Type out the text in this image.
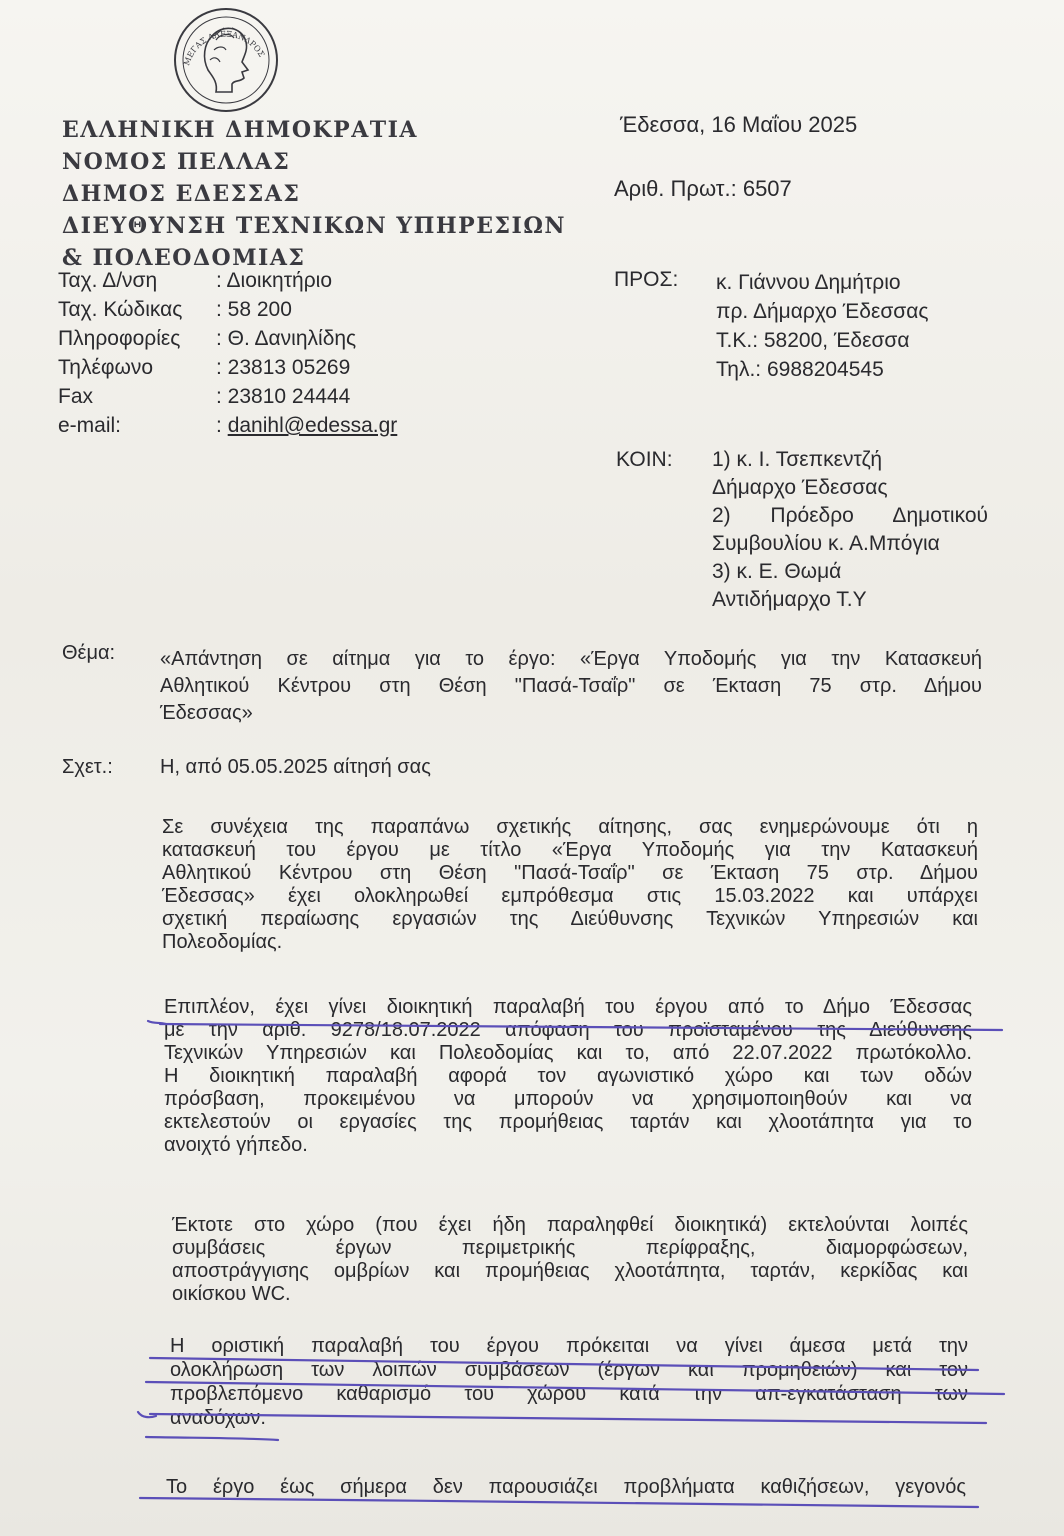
ΜΕΓΑΣ ΑΛΕΞΑΝΔΡΟΣ
ΕΛΛΗΝΙΚΗ ΔΗΜΟΚΡΑΤΙΑ
ΝΟΜΟΣ ΠΕΛΛΑΣ
ΔΗΜΟΣ ΕΔΕΣΣΑΣ
ΔΙΕΥΘΥΝΣΗ ΤΕΧΝΙΚΩΝ ΥΠΗΡΕΣΙΩΝ
& ΠΟΛΕΟΔΟΜΙΑΣ
Έδεσσα, 16 Μαΐου 2025
Αριθ. Πρωτ.: 6507
Ταχ. Δ/νση	: Διοικητήριο
Ταχ. Κώδικας : 58 200
Πληροφορίες : Θ. Δανιηλίδης
Τηλέφωνο	: 23813 05269
Fax	: 23810 24444
e-mail:	: danihl@edessa.gr
ΠΡΟΣ: κ. Γιάννου Δημήτριο
πρ. Δήμαρχο Έδεσσας
Τ.Κ.: 58200, Έδεσσα
Τηλ.: 6988204545
ΚΟΙΝ: 1) κ. Ι. Τσεπκεντζή
Δήμαρχο Έδεσσας
2) Πρόεδρο Δημοτικού
Συμβουλίου κ. Α.Μπόγια
3) κ. Ε. Θωμά
Αντιδήμαρχο Τ.Υ
Θέμα: «Απάντηση σε αίτημα για το έργο: «Έργα Υποδομής για την Κατασκευή
Αθλητικού Κέντρου στη Θέση "Πασά-Τσαΐρ" σε Έκταση 75 στρ. Δήμου
Έδεσσας»
Σχετ.: Η, από 05.05.2025 αίτησή σας
Σε συνέχεια της παραπάνω σχετικής αίτησης, σας ενημερώνουμε ότι η
κατασκευή του έργου με τίτλο «Έργα Υποδομής για την Κατασκευή
Αθλητικού Κέντρου στη Θέση "Πασά-Τσαΐρ" σε Έκταση 75 στρ. Δήμου
Έδεσσας» έχει ολοκληρωθεί εμπρόθεσμα στις 15.03.2022 και υπάρχει
σχετική περαίωσης εργασιών της Διεύθυνσης Τεχνικών Υπηρεσιών και
Πολεοδομίας.
Επιπλέον, έχει γίνει διοικητική παραλαβή του έργου από το Δήμο Έδεσσας
με την αριθ. 9278/18.07.2022 απόφαση του προϊσταμένου της Διεύθυνσης
Τεχνικών Υπηρεσιών και Πολεοδομίας και το, από 22.07.2022 πρωτόκολλο.
Η διοικητική παραλαβή αφορά τον αγωνιστικό χώρο και των οδών
πρόσβαση, προκειμένου να μπορούν να χρησιμοποιηθούν και να
εκτελεστούν οι εργασίες της προμήθειας ταρτάν και χλοοτάπητα για το
ανοιχτό γήπεδο.
Έκτοτε στο χώρο (που έχει ήδη παραληφθεί διοικητικά) εκτελούνται λοιπές
συμβάσεις έργων περιμετρικής περίφραξης, διαμορφώσεων,
αποστράγγισης ομβρίων και προμήθειας χλοοτάπητα, ταρτάν, κερκίδας και
οικίσκου WC.
Η οριστική παραλαβή του έργου πρόκειται να γίνει άμεσα μετά την
ολοκλήρωση των λοιπών συμβάσεων (έργων και προμηθειών) και τον
προβλεπόμενο καθαρισμό του χώρου κατά την απ-εγκατάσταση των
αναδόχων.
Το έργο έως σήμερα δεν παρουσιάζει προβλήματα καθιζήσεων, γεγονός
